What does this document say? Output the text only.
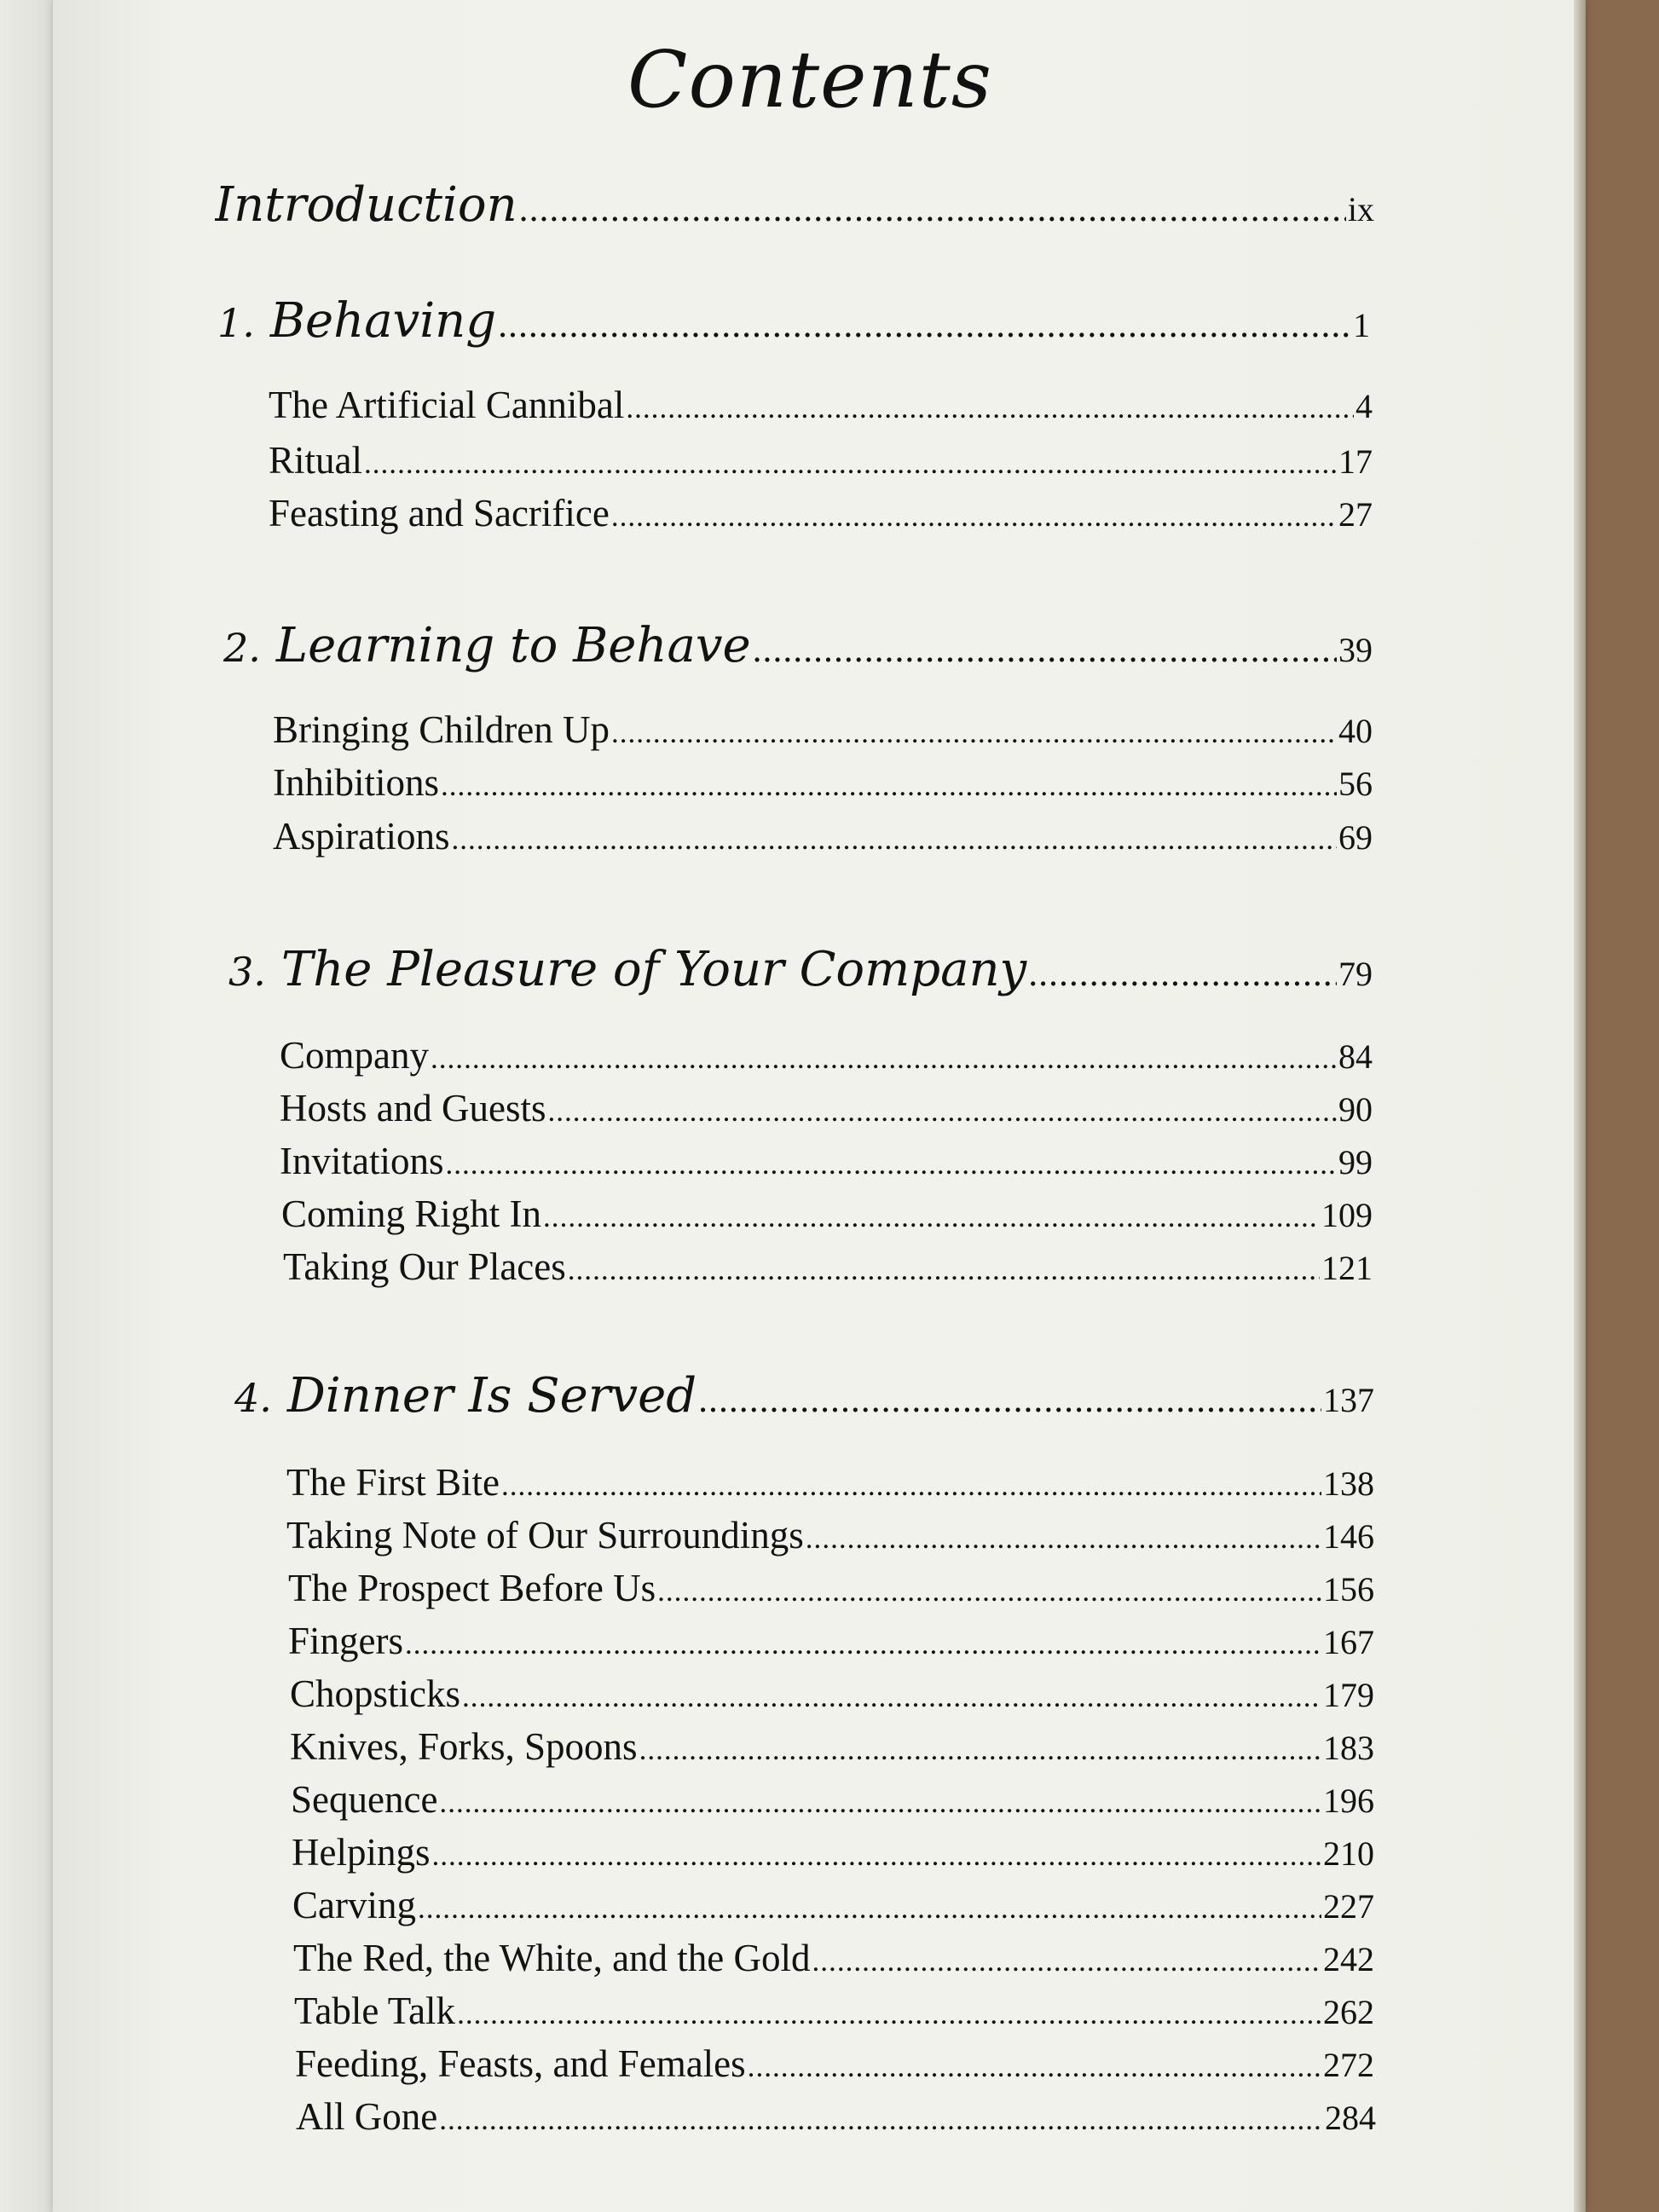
Contents
Introduction .....	ix
1. Behaving .....	1
The Artificial Cannibal .....	4
Ritual .....	17
Feasting and Sacrifice .....	27
2. Learning to Behave .....	39
Bringing Children Up .....	40
Inhibitions .....	56
Aspirations .....	69
3. The Pleasure of Your Company .....	79
Company .....	84
Hosts and Guests .....	90
Invitations .....	99
Coming Right In .....	109
Taking Our Places .....	121
4. Dinner Is Served .....	137
The First Bite .....	138
Taking Note of Our Surroundings .....	146
The Prospect Before Us .....	156
Fingers .....	167
Chopsticks .....	179
Knives, Forks, Spoons .....	183
Sequence .....	196
Helpings .....	210
Carving .....	227
The Red, the White, and the Gold .....	242
Table Talk .....	262
Feeding, Feasts, and Females .....	272
All Gone .....	284
